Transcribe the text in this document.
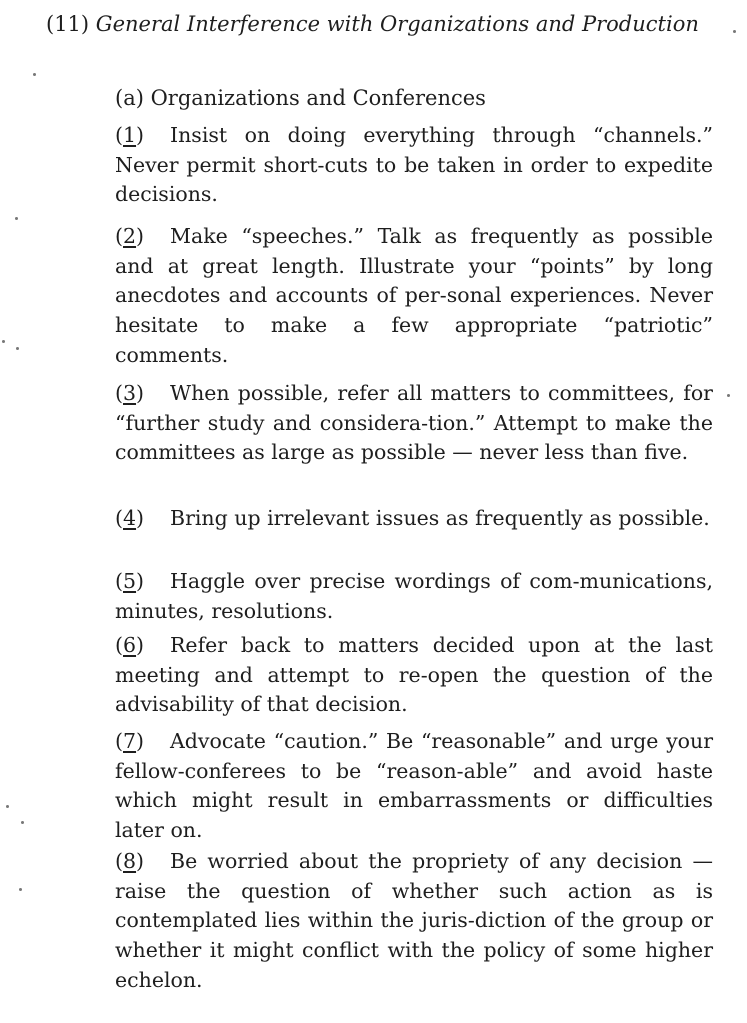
(11) General Interference with Organizations and Production
(a) Organizations and Conferences
(1) Insist on doing everything through “channels.” Never permit short-cuts to be taken in order to expedite decisions.
(2) Make “speeches.” Talk as frequently as possible and at great length. Illustrate your “points” by long anecdotes and accounts of per-sonal experiences. Never hesitate to make a few appropriate “patriotic” comments.
(3) When possible, refer all matters to committees, for “further study and considera-tion.” Attempt to make the committees as large as possible — never less than five.
(4) Bring up irrelevant issues as frequently as possible.
(5) Haggle over precise wordings of com-munications, minutes, resolutions.
(6) Refer back to matters decided upon at the last meeting and attempt to re-open the question of the advisability of that decision.
(7) Advocate “caution.” Be “reasonable” and urge your fellow-conferees to be “reason-able” and avoid haste which might result in embarrassments or difficulties later on.
(8) Be worried about the propriety of any decision — raise the question of whether such action as is contemplated lies within the juris-diction of the group or whether it might conflict with the policy of some higher echelon.
